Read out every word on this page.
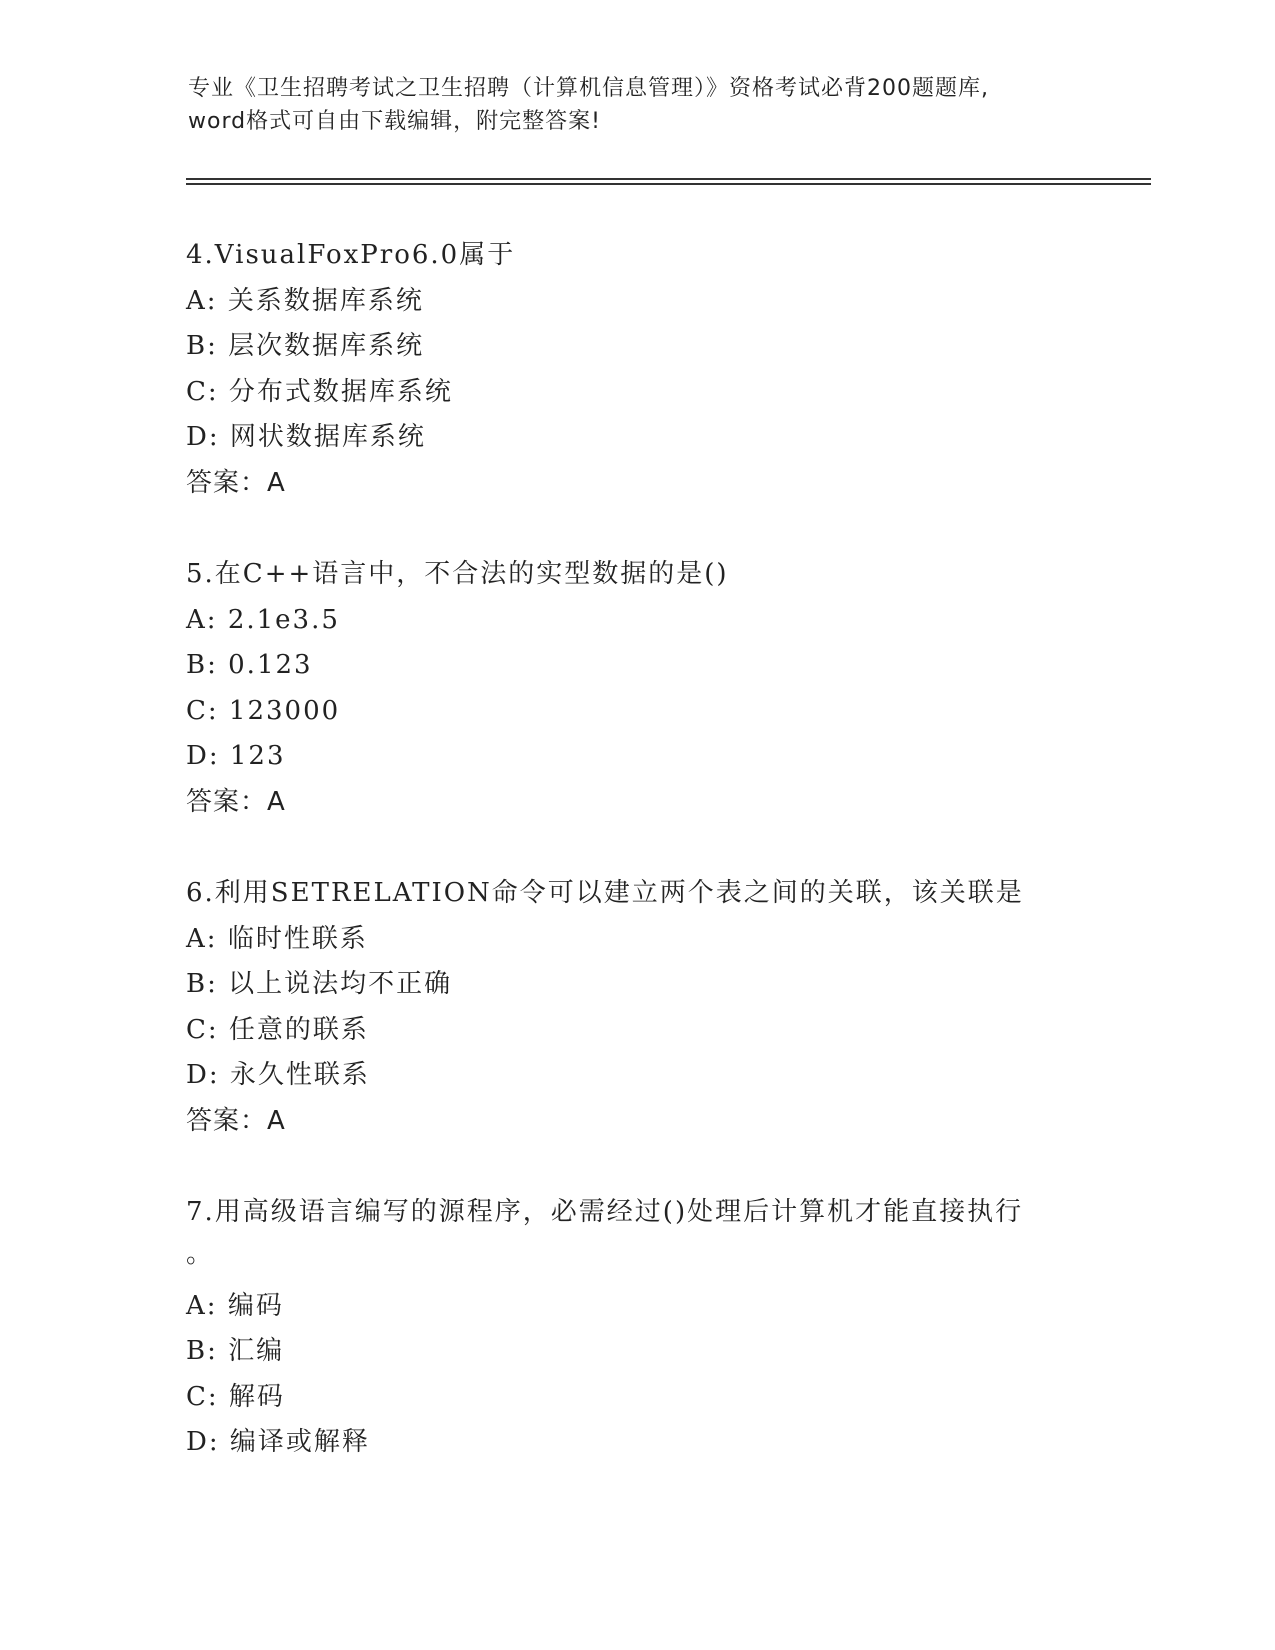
专业《卫生招聘考试之卫生招聘（计算机信息管理）》资格考试必背200题题库,
word格式可自由下载编辑，附完整答案!
4.VisualFoxPro6.0属于
A: 关系数据库系统
B: 层次数据库系统
C: 分布式数据库系统
D: 网状数据库系统
答案：A
5.在C++语言中，不合法的实型数据的是()
A: 2.1e3.5
B: 0.123
C: 123000
D: 123
答案：A
6.利用SETRELATION命令可以建立两个表之间的关联，该关联是
A: 临时性联系
B: 以上说法均不正确
C: 任意的联系
D: 永久性联系
答案：A
7.用高级语言编写的源程序，必需经过()处理后计算机才能直接执行
。
A: 编码
B: 汇编
C: 解码
D: 编译或解释
